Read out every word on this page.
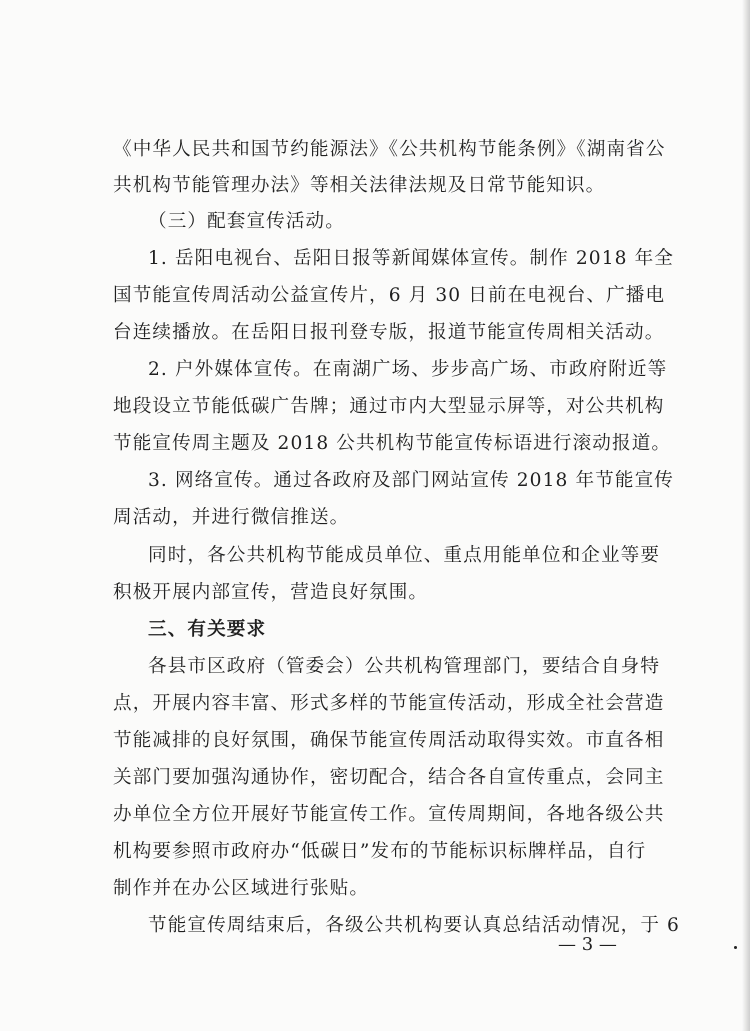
《中华人民共和国节约能源法》《公共机构节能条例》《湖南省公
共机构节能管理办法》等相关法律法规及日常节能知识。
（三）配套宣传活动。
1. 岳阳电视台、岳阳日报等新闻媒体宣传。制作 2018 年全
国节能宣传周活动公益宣传片，6 月 30 日前在电视台、广播电
台连续播放。在岳阳日报刊登专版，报道节能宣传周相关活动。
2. 户外媒体宣传。在南湖广场、步步高广场、市政府附近等
地段设立节能低碳广告牌；通过市内大型显示屏等，对公共机构
节能宣传周主题及 2018 公共机构节能宣传标语进行滚动报道。
3. 网络宣传。通过各政府及部门网站宣传 2018 年节能宣传
周活动，并进行微信推送。
同时，各公共机构节能成员单位、重点用能单位和企业等要
积极开展内部宣传，营造良好氛围。
三、有关要求
各县市区政府（管委会）公共机构管理部门，要结合自身特
点，开展内容丰富、形式多样的节能宣传活动，形成全社会营造
节能减排的良好氛围，确保节能宣传周活动取得实效。市直各相
关部门要加强沟通协作，密切配合，结合各自宣传重点，会同主
办单位全方位开展好节能宣传工作。宣传周期间，各地各级公共
机构要参照市政府办“低碳日”发布的节能标识标牌样品，自行
制作并在办公区域进行张贴。
节能宣传周结束后，各级公共机构要认真总结活动情况，于 6
— 3 —
